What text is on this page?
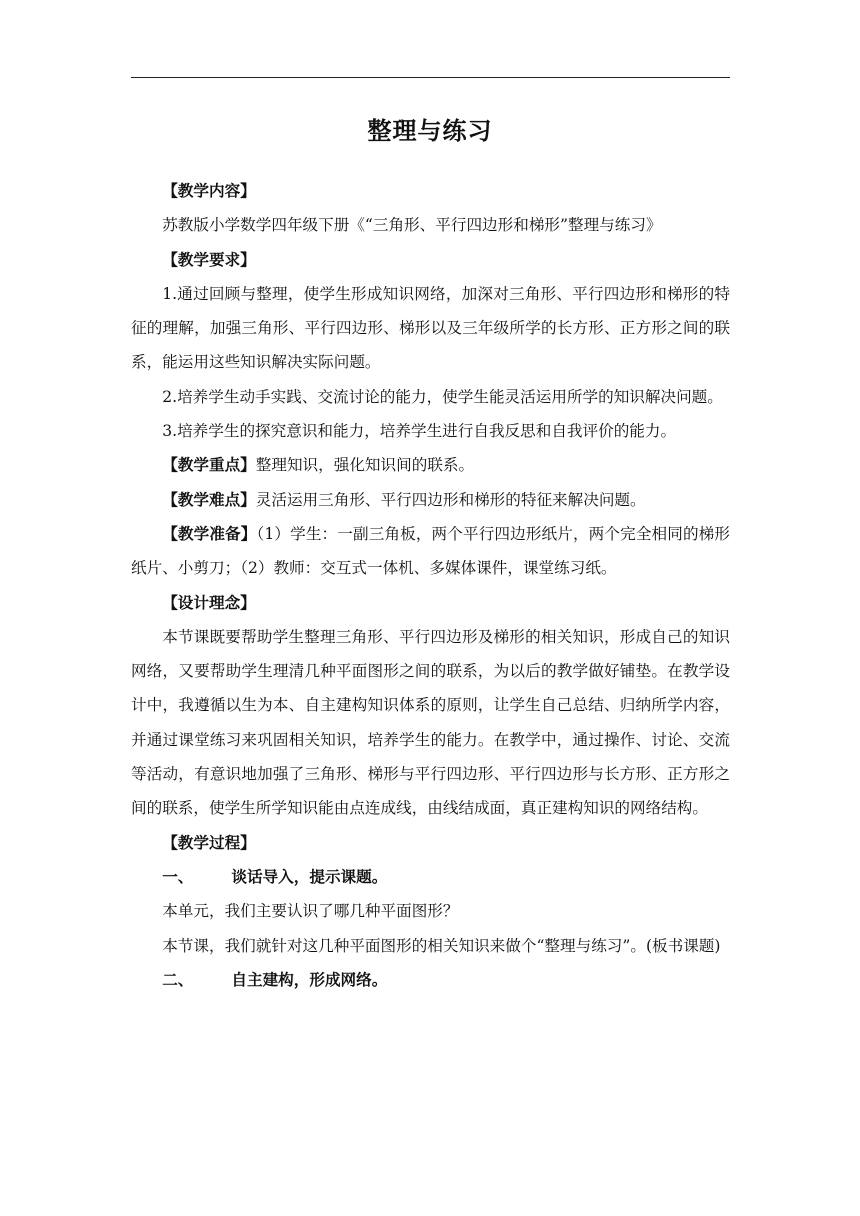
整理与练习

【教学内容】

苏教版小学数学四年级下册《“三角形、平行四边形和梯形”整理与练习》

【教学要求】

1.通过回顾与整理，使学生形成知识网络，加深对三角形、平行四边形和梯形的特征的理解，加强三角形、平行四边形、梯形以及三年级所学的长方形、正方形之间的联系，能运用这些知识解决实际问题。

2.培养学生动手实践、交流讨论的能力，使学生能灵活运用所学的知识解决问题。

3.培养学生的探究意识和能力，培养学生进行自我反思和自我评价的能力。

【教学重点】整理知识，强化知识间的联系。

【教学难点】灵活运用三角形、平行四边形和梯形的特征来解决问题。

【教学准备】（1）学生：一副三角板，两个平行四边形纸片，两个完全相同的梯形纸片、小剪刀；（2）教师：交互式一体机、多媒体课件，课堂练习纸。

【设计理念】

本节课既要帮助学生整理三角形、平行四边形及梯形的相关知识，形成自己的知识网络，又要帮助学生理清几种平面图形之间的联系，为以后的教学做好铺垫。在教学设计中，我遵循以生为本、自主建构知识体系的原则，让学生自己总结、归纳所学内容，并通过课堂练习来巩固相关知识，培养学生的能力。在教学中，通过操作、讨论、交流等活动，有意识地加强了三角形、梯形与平行四边形、平行四边形与长方形、正方形之间的联系，使学生所学知识能由点连成线，由线结成面，真正建构知识的网络结构。

【教学过程】

一、 谈话导入，提示课题。

本单元，我们主要认识了哪几种平面图形？

本节课，我们就针对这几种平面图形的相关知识来做个“整理与练习”。(板书课题)

二、 自主建构，形成网络。
